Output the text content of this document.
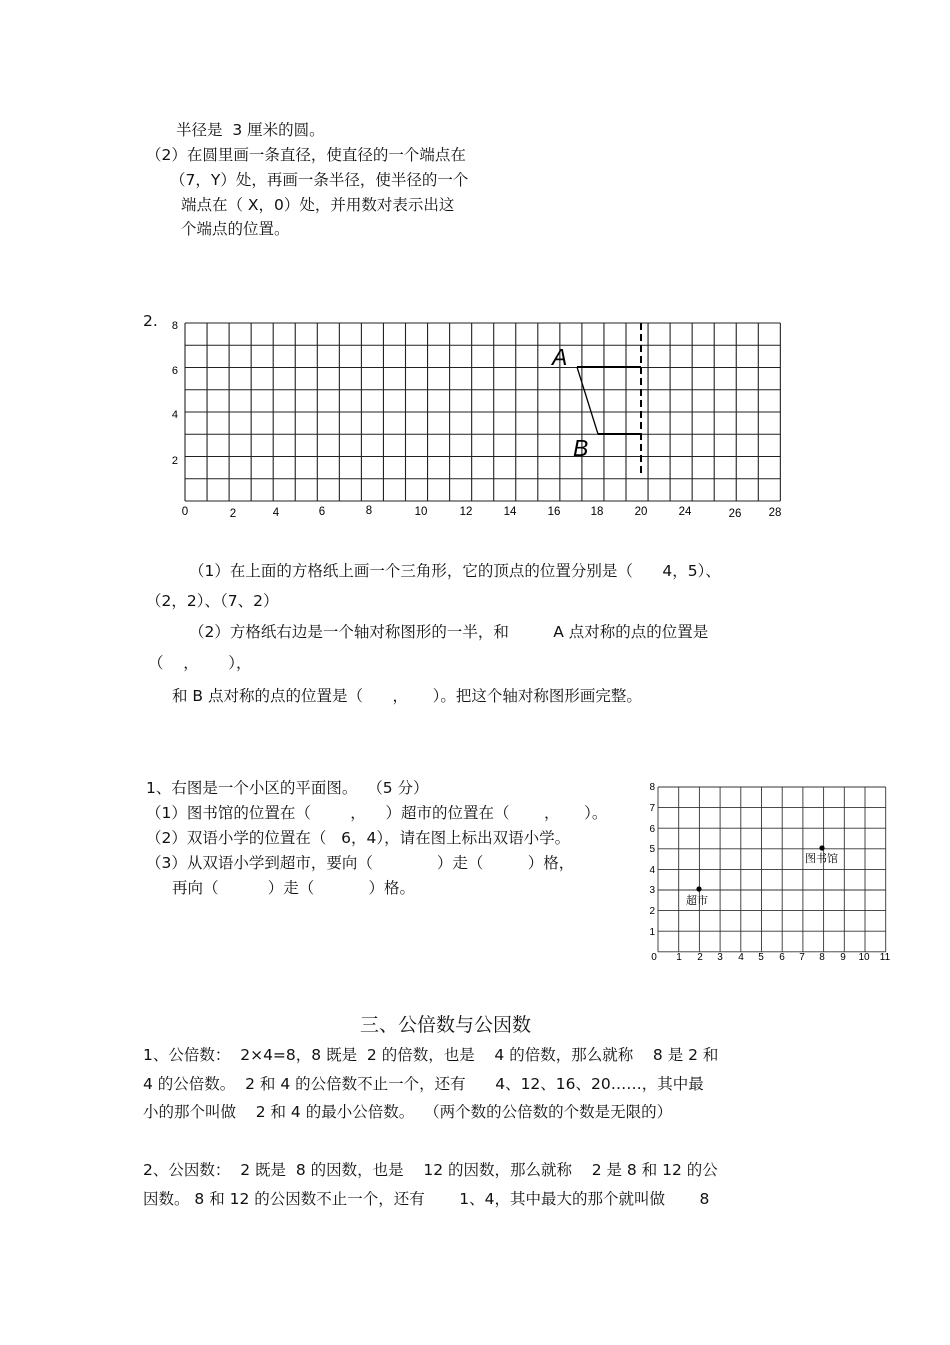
半径是  3 厘米的圆。
（2）在圆里画一条直径，使直径的一个端点在
（7，Y）处，再画一条半径，使半径的一个
端点在（ X，0）处，并用数对表示出这
个端点的位置。
2.
A
B
8
6
4
2
0	2	4	6	8	10	12	14	16	18	20	24	26 28
（1）在上面的方格纸上画一个三角形，它的顶点的位置分别是（      4，5）、
（2，2）、（7、2）
（2）方格纸右边是一个轴对称图形的一半，和         A 点对称的点的位置是
（    ，      ），
和 B 点对称的点的位置是（      ，     ）。把这个轴对称图形画完整。
1、右图是一个小区的平面图。  （5 分）
（1）图书馆的位置在（        ，    ）超市的位置在（       ，     ）。
（2）双语小学的位置在（   6，4），请在图上标出双语小学。
（3）从双语小学到超市，要向（             ）走（         ）格，
再向（          ）走（           ）格。
8
7
6
5
4
3
2
1
0 1 2 3 4 5 6 7 8 9 10 11
图书馆
超市
三、公倍数与公因数
1、公倍数：  2×4=8，8 既是  2 的倍数，也是    4 的倍数，那么就称    8 是 2 和
4 的公倍数。  2 和 4 的公倍数不止一个，还有      4、12、16、20……，其中最
小的那个叫做    2 和 4 的最小公倍数。  （两个数的公倍数的个数是无限的）
2、公因数：  2 既是  8 的因数，也是    12 的因数，那么就称    2 是 8 和 12 的公
因数。 8 和 12 的公因数不止一个，还有       1、4，其中最大的那个就叫做       8
